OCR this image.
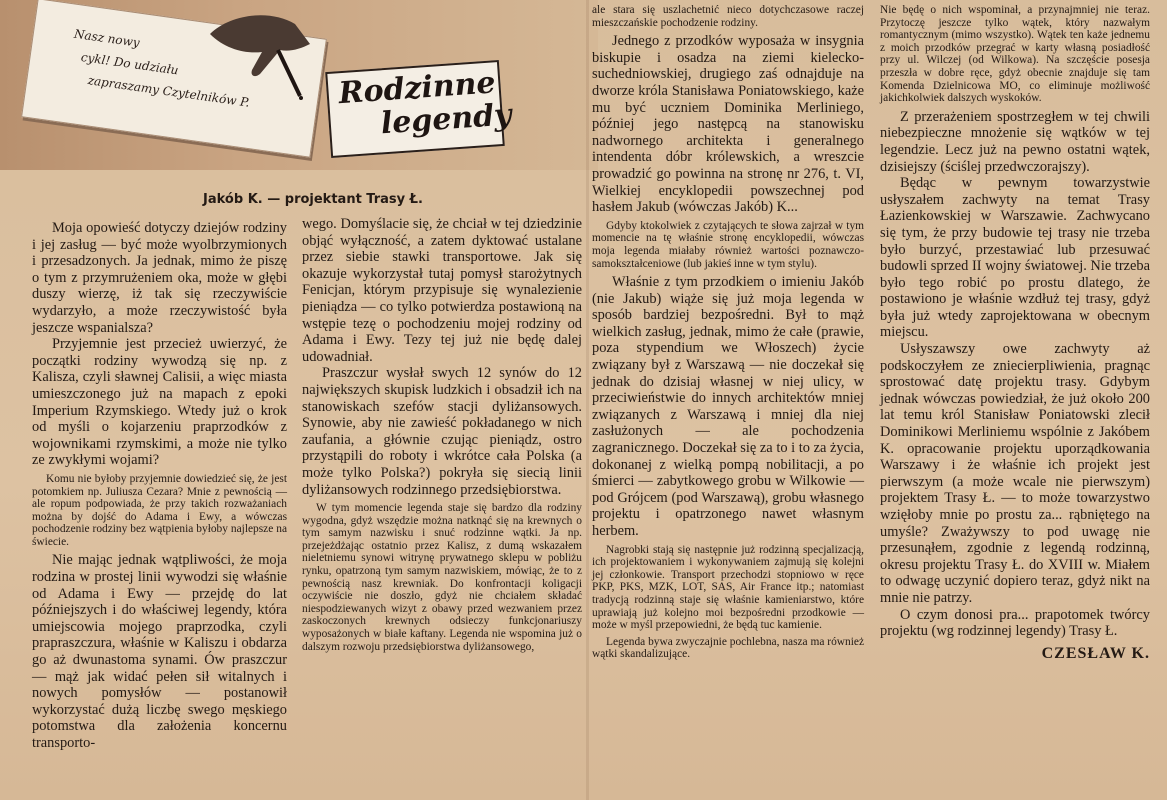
Nasz nowy
cykl! Do udziału
zapraszamy Czytelników P.	Rodzinne
legendy
Jakób K. — projektant Trasy Ł.

Moja opowieść dotyczy dziejów rodziny i jej zasług — być może wyolbrzymionych i przesadzonych. Ja jednak, mimo że piszę o tym z przymrużeniem oka, może w głębi duszy wierzę, iż tak się rzeczywiście wydarzyło, a może rzeczywistość była jeszcze wspanialsza?

Przyjemnie jest przecież uwierzyć, że początki rodziny wywodzą się np. z Kalisza, czyli sławnej Calisii, a więc miasta umieszczonego już na mapach z epoki Imperium Rzymskiego. Wtedy już o krok od myśli o kojarzeniu praprzodków z wojownikami rzymskimi, a może nie tylko ze zwykłymi wojami?

Komu nie byłoby przyjemnie dowiedzieć się, że jest potomkiem np. Juliusza Cezara? Mnie z pewnością — ale ropum podpowiada, że przy takich rozważaniach można by dojść do Adama i Ewy, a wówczas pochodzenie rodziny bez wątpienia byłoby najlepsze na świecie.

Nie mając jednak wątpliwości, że moja rodzina w prostej linii wywodzi się właśnie od Adama i Ewy — przejdę do lat późniejszych i do właściwej legendy, która umiejscowia mojego praprzodka, czyli prapraszczura, właśnie w Kaliszu i obdarza go aż dwunastoma synami. Ów praszczur — mąż jak widać pełen sił witalnych i nowych pomysłów — postanowił wykorzystać dużą liczbę swego męskiego potomstwa dla założenia koncernu transporto-

wego. Domyślacie się, że chciał w tej dziedzinie objąć wyłączność, a zatem dyktować ustalane przez siebie stawki transportowe. Jak się okazuje wykorzystał tutaj pomysł starożytnych Fenicjan, którym przypisuje się wynalezienie pieniądza — co tylko potwierdza postawioną na wstępie tezę o pochodzeniu mojej rodziny od Adama i Ewy. Tezy tej już nie będę dalej udowadniał.

Praszczur wysłał swych 12 synów do 12 największych skupisk ludzkich i obsadził ich na stanowiskach szefów stacji dyliżansowych. Synowie, aby nie zawieść pokładanego w nich zaufania, a głównie czując pieniądz, ostro przystąpili do roboty i wkrótce cała Polska (a może tylko Polska?) pokryła się siecią linii dyliżansowych rodzinnego przedsiębiorstwa.

W tym momencie legenda staje się bardzo dla rodziny wygodna, gdyż wszędzie można natknąć się na krewnych o tym samym nazwisku i snuć rodzinne wątki. Ja np. przejeżdżając ostatnio przez Kalisz, z dumą wskazałem nieletniemu synowi witrynę prywatnego sklepu w pobliżu rynku, opatrzoną tym samym nazwiskiem, mówiąc, że to z pewnością nasz krewniak. Do konfrontacji koligacji oczywiście nie doszło, gdyż nie chciałem składać niespodziewanych wizyt z obawy przed wezwaniem przez zaskoczonych krewnych odsieczy funkcjonariuszy wyposażonych w białe kaftany. Legenda nie wspomina już o dalszym rozwoju przedsiębiorstwa dyliżansowego,

ale stara się uszlachetnić nieco dotychczasowe raczej mieszczańskie pochodzenie rodziny.

Jednego z przodków wyposaża w insygnia biskupie i osadza na ziemi kielecko-suchedniowskiej, drugiego zaś odnajduje na dworze króla Stanisława Poniatowskiego, każe mu być uczniem Dominika Merliniego, później jego następcą na stanowisku nadwornego architekta i generalnego intendenta dóbr królewskich, a wreszcie prowadzić go powinna na stronę nr 276, t. VI, Wielkiej encyklopedii powszechnej pod hasłem Jakub (wówczas Jakób) K...

Gdyby ktokolwiek z czytających te słowa zajrzał w tym momencie na tę właśnie stronę encyklopedii, wówczas moja legenda miałaby również wartości poznawczo-samokształceniowe (lub jakieś inne w tym stylu).

Właśnie z tym przodkiem o imieniu Jakób (nie Jakub) wiąże się już moja legenda w sposób bardziej bezpośredni. Był to mąż wielkich zasług, jednak, mimo że całe (prawie, poza stypendium we Włoszech) życie związany był z Warszawą — nie doczekał się jednak do dzisiaj własnej w niej ulicy, w przeciwieństwie do innych architektów mniej związanych z Warszawą i mniej dla niej zasłużonych — ale pochodzenia zagranicznego. Doczekał się za to i to za życia, dokonanej z wielką pompą nobilitacji, a po śmierci — zabytkowego grobu w Wilkowie — pod Grójcem (pod Warszawą), grobu własnego projektu i opatrzonego nawet własnym herbem.

Nagrobki stają się następnie już rodzinną specjalizacją, ich projektowaniem i wykonywaniem zajmują się kolejni jej członkowie. Transport przechodzi stopniowo w ręce PKP, PKS, MZK, LOT, SAS, Air France itp.; natomiast tradycją rodzinną staje się właśnie kamieniarstwo, które uprawiają już kolejno moi bezpośredni przodkowie — może w myśl przepowiedni, że będą tuc kamienie.

Legenda bywa zwyczajnie pochlebna, nasza ma również wątki skandalizujące.

Nie będę o nich wspominał, a przynajmniej nie teraz. Przytoczę jeszcze tylko wątek, który nazwałym romantycznym (mimo wszystko). Wątek ten każe jednemu z moich przodków przegrać w karty własną posiadłość przy ul. Wilczej (od Wilkowa). Na szczęście posesja przeszła w dobre ręce, gdyż obecnie znajduje się tam Komenda Dzielnicowa MO, co eliminuje możliwość jakichkolwiek dalszych wyskoków.

Z przerażeniem spostrzegłem w tej chwili niebezpieczne mnożenie się wątków w tej legendzie. Lecz już na pewno ostatni wątek, dzisiejszy (ściślej przedwczorajszy).

Będąc w pewnym towarzystwie usłyszałem zachwyty na temat Trasy Łazienkowskiej w Warszawie. Zachwycano się tym, że przy budowie tej trasy nie trzeba było burzyć, przestawiać lub przesuwać budowli sprzed II wojny światowej. Nie trzeba było tego robić po prostu dlatego, że postawiono je właśnie wzdłuż tej trasy, gdyż była już wtedy zaprojektowana w obecnym miejscu.

Usłyszawszy owe zachwyty aż podskoczyłem ze zniecierpliwienia, pragnąc sprostować datę projektu trasy. Gdybym jednak wówczas powiedział, że już około 200 lat temu król Stanisław Poniatowski zlecił Dominikowi Merliniemu wspólnie z Jakóbem K. opracowanie projektu uporządkowania Warszawy i że właśnie ich projekt jest pierwszym (a może wcale nie pierwszym) projektem Trasy Ł. — to może towarzystwo wzięłoby mnie po prostu za... rąbniętego na umyśle? Zważywszy to pod uwagę nie przesunąłem, zgodnie z legendą rodzinną, okresu projektu Trasy Ł. do XVIII w. Miałem to odwagę uczynić dopiero teraz, gdyż nikt na mnie nie patrzy.

O czym donosi pra... prapotomek twórcy projektu (wg rodzinnej legendy) Trasy Ł.

CZESŁAW K.
